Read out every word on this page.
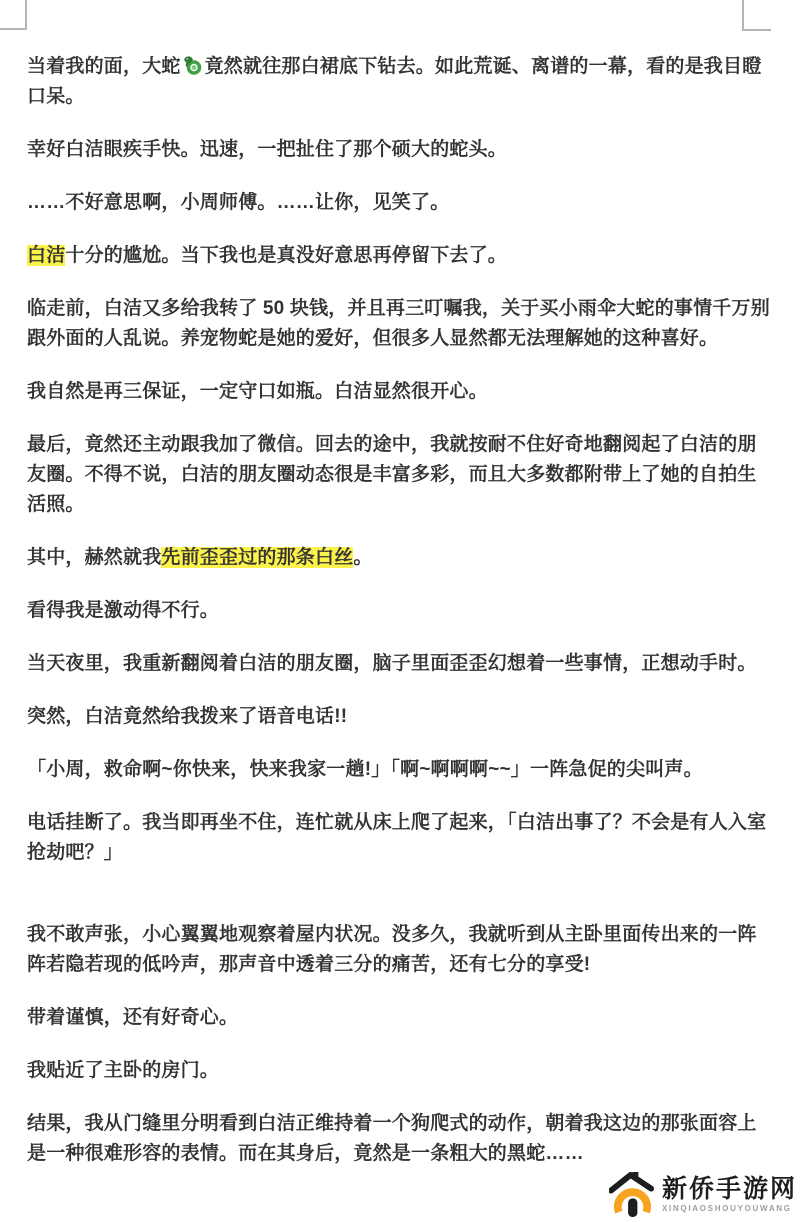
当着我的面，大蛇 竟然就往那白裙底下钻去。如此荒诞、离谱的一幕，看的是我目瞪口呆。

幸好白洁眼疾手快。迅速，一把扯住了那个硕大的蛇头。

……不好意思啊，小周师傅。……让你，见笑了。

白洁十分的尴尬。当下我也是真没好意思再停留下去了。

临走前，白洁又多给我转了 50 块钱，并且再三叮嘱我，关于买小雨伞大蛇的事情千万别跟外面的人乱说。养宠物蛇是她的爱好，但很多人显然都无法理解她的这种喜好。

我自然是再三保证，一定守口如瓶。白洁显然很开心。

最后，竟然还主动跟我加了微信。回去的途中，我就按耐不住好奇地翻阅起了白洁的朋友圈。不得不说，白洁的朋友圈动态很是丰富多彩，而且大多数都附带上了她的自拍生活照。

其中，赫然就我先前歪歪过的那条白丝。

看得我是激动得不行。

当天夜里，我重新翻阅着白洁的朋友圈，脑子里面歪歪幻想着一些事情，正想动手时。

突然，白洁竟然给我拨来了语音电话!!

「小周，救命啊~你快来，快来我家一趟!」「啊~啊啊啊~~」一阵急促的尖叫声。

电话挂断了。我当即再坐不住，连忙就从床上爬了起来，「白洁出事了？不会是有人入室抢劫吧？」

我不敢声张，小心翼翼地观察着屋内状况。没多久，我就听到从主卧里面传出来的一阵阵若隐若现的低吟声，那声音中透着三分的痛苦，还有七分的享受!

带着谨慎，还有好奇心。

我贴近了主卧的房门。

结果，我从门缝里分明看到白洁正维持着一个狗爬式的动作，朝着我这边的那张面容上是一种很难形容的表情。而在其身后，竟然是一条粗大的黑蛇……

新侨手游网
XINQIAOSHOUYOUWANG
